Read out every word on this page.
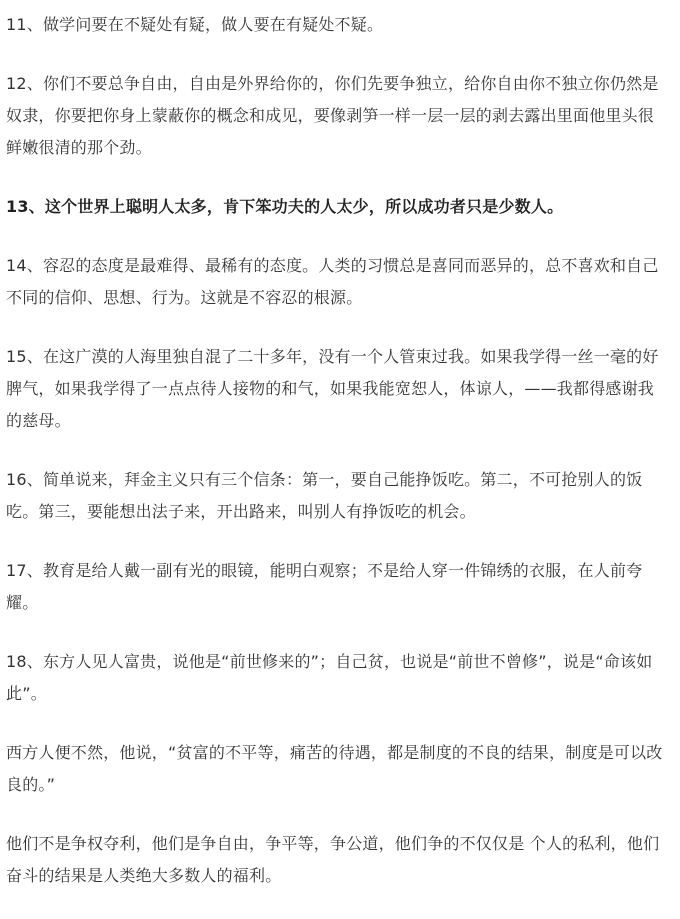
11、做学问要在不疑处有疑，做人要在有疑处不疑。

12、你们不要总争自由，自由是外界给你的，你们先要争独立，给你自由你不独立你仍然是奴隶，你要把你身上蒙蔽你的概念和成见，要像剥笋一样一层一层的剥去露出里面他里头很鲜嫩很清的那个劲。

13、这个世界上聪明人太多，肯下笨功夫的人太少，所以成功者只是少数人。

14、容忍的态度是最难得、最稀有的态度。人类的习惯总是喜同而恶异的，总不喜欢和自己不同的信仰、思想、行为。这就是不容忍的根源。

15、在这广漠的人海里独自混了二十多年，没有一个人管束过我。如果我学得一丝一毫的好脾气，如果我学得了一点点待人接物的和气，如果我能宽恕人，体谅人，——我都得感谢我的慈母。

16、简单说来，拜金主义只有三个信条：第一，要自己能挣饭吃。第二，不可抢别人的饭吃。第三，要能想出法子来，开出路来，叫别人有挣饭吃的机会。

17、教育是给人戴一副有光的眼镜，能明白观察；不是给人穿一件锦绣的衣服，在人前夸耀。

18、东方人见人富贵，说他是“前世修来的”；自己贫，也说是“前世不曾修”，说是“命该如此”。

西方人便不然，他说，“贫富的不平等，痛苦的待遇，都是制度的不良的结果，制度是可以改良的。”

他们不是争权夺利，他们是争自由，争平等，争公道，他们争的不仅仅是 个人的私利，他们奋斗的结果是人类绝大多数人的福利。
